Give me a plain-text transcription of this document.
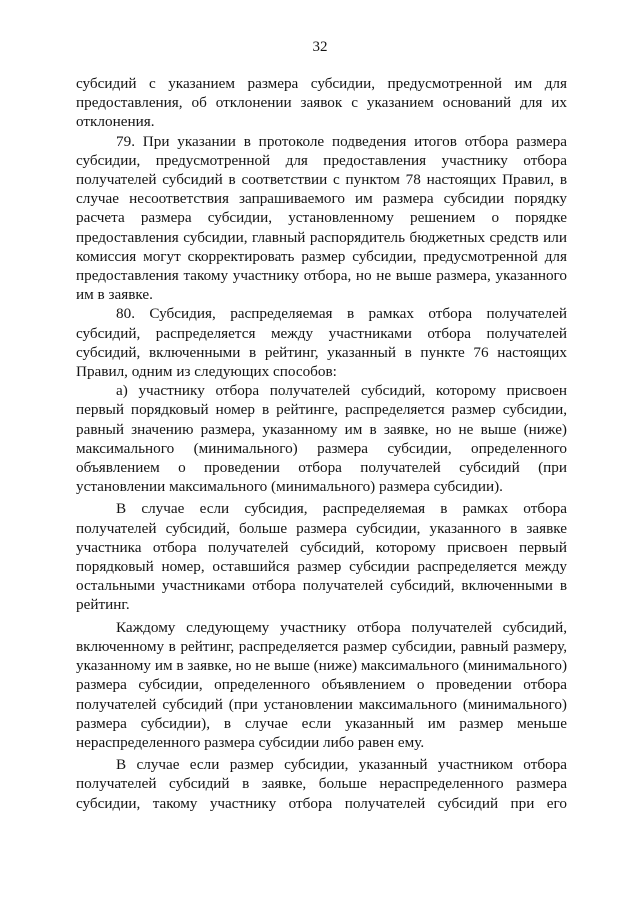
32

субсидий с указанием размера субсидии, предусмотренной им для предоставления, об отклонении заявок с указанием оснований для их отклонения.

79. При указании в протоколе подведения итогов отбора размера субсидии, предусмотренной для предоставления участнику отбора получателей субсидий в соответствии с пунктом 78 настоящих Правил, в случае несоответствия запрашиваемого им размера субсидии порядку расчета размера субсидии, установленному решением о порядке предоставления субсидии, главный распорядитель бюджетных средств или комиссия могут скорректировать размер субсидии, предусмотренной для предоставления такому участнику отбора, но не выше размера, указанного им в заявке.

80. Субсидия, распределяемая в рамках отбора получателей субсидий, распределяется между участниками отбора получателей субсидий, включенными в рейтинг, указанный в пункте 76 настоящих Правил, одним из следующих способов:

а) участнику отбора получателей субсидий, которому присвоен первый порядковый номер в рейтинге, распределяется размер субсидии, равный значению размера, указанному им в заявке, но не выше (ниже) максимального (минимального) размера субсидии, определенного объявлением о проведении отбора получателей субсидий (при установлении максимального (минимального) размера субсидии).

В случае если субсидия, распределяемая в рамках отбора получателей субсидий, больше размера субсидии, указанного в заявке участника отбора получателей субсидий, которому присвоен первый порядковый номер, оставшийся размер субсидии распределяется между остальными участниками отбора получателей субсидий, включенными в рейтинг.

Каждому следующему участнику отбора получателей субсидий, включенному в рейтинг, распределяется размер субсидии, равный размеру, указанному им в заявке, но не выше (ниже) максимального (минимального) размера субсидии, определенного объявлением о проведении отбора получателей субсидий (при установлении максимального (минимального) размера субсидии), в случае если указанный им размер меньше нераспределенного размера субсидии либо равен ему.

В случае если размер субсидии, указанный участником отбора получателей субсидий в заявке, больше нераспределенного размера субсидии, такому участнику отбора получателей субсидий при его
